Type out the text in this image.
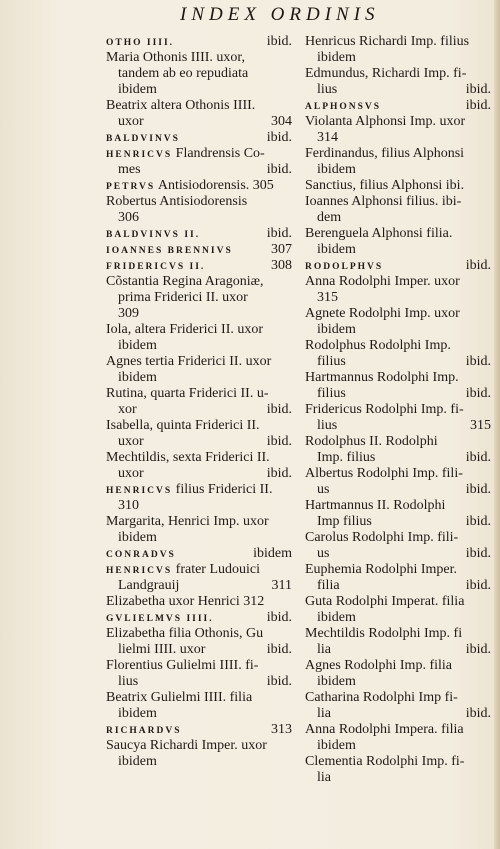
INDEX ORDINIS
OTHO IIII.	ibid.
Maria Othonis IIII. uxor,
tandem ab eo repudiata
ibidem
Beatrix altera Othonis IIII.
uxor	304
BALDVINVS	ibid.
HENRICVS Flandrensis Co-
mes	ibid.
PETRVS Antisiodorensis. 305
Robertus Antisiodorensis
306
BALDVINVS II.	ibid.
IOANNES BRENNIVS	307
FRIDERICVS II.	308
Cõstantia Regina Aragoniæ,
prima Friderici II. uxor
309
Iola, altera Friderici II. uxor
ibidem
Agnes tertia Friderici II. uxor
ibidem
Rutina, quarta Friderici II. u-
xor	ibid.
Isabella, quinta Friderici II.
uxor	ibid.
Mechtildis, sexta Friderici II.
uxor	ibid.
HENRICVS filius Friderici II.
310
Margarita, Henrici Imp. uxor
ibidem
CONRADVS	ibidem
HENRICVS frater Ludouici
Landgrauij	311
Elizabetha uxor Henrici 312
GVLIELMVS IIII.	ibid.
Elizabetha filia Othonis, Gu
lielmi IIII. uxor	ibid.
Florentius Gulielmi IIII. fi-
lius	ibid.
Beatrix Gulielmi IIII. filia
ibidem
RICHARDVS	313
Saucya Richardi Imper. uxor
ibidem
Henricus Richardi Imp. filius
ibidem
Edmundus, Richardi Imp. fi-
lius	ibid.
ALPHONSVS	ibid.
Violanta Alphonsi Imp. uxor
314
Ferdinandus, filius Alphonsi
ibidem
Sanctius, filius Alphonsi ibi.
Ioannes Alphonsi filius. ibi-
dem
Berenguela Alphonsi filia.
ibidem
RODOLPHVS	ibid.
Anna Rodolphi Imper. uxor
315
Agnete Rodolphi Imp. uxor
ibidem
Rodolphus Rodolphi Imp.
filius	ibid.
Hartmannus Rodolphi Imp.
filius	ibid.
Fridericus Rodolphi Imp. fi-
lius	315
Rodolphus II. Rodolphi
Imp. filius	ibid.
Albertus Rodolphi Imp. fili-
us	ibid.
Hartmannus II. Rodolphi
Imp filius	ibid.
Carolus Rodolphi Imp. fili-
us	ibid.
Euphemia Rodolphi Imper.
filia	ibid.
Guta Rodolphi Imperat. filia
ibidem
Mechtildis Rodolphi Imp. fi
lia	ibid.
Agnes Rodolphi Imp. filia
ibidem
Catharina Rodolphi Imp fi-
lia	ibid.
Anna Rodolphi Impera. filia
ibidem
Clementia Rodolphi Imp. fi-
lia
